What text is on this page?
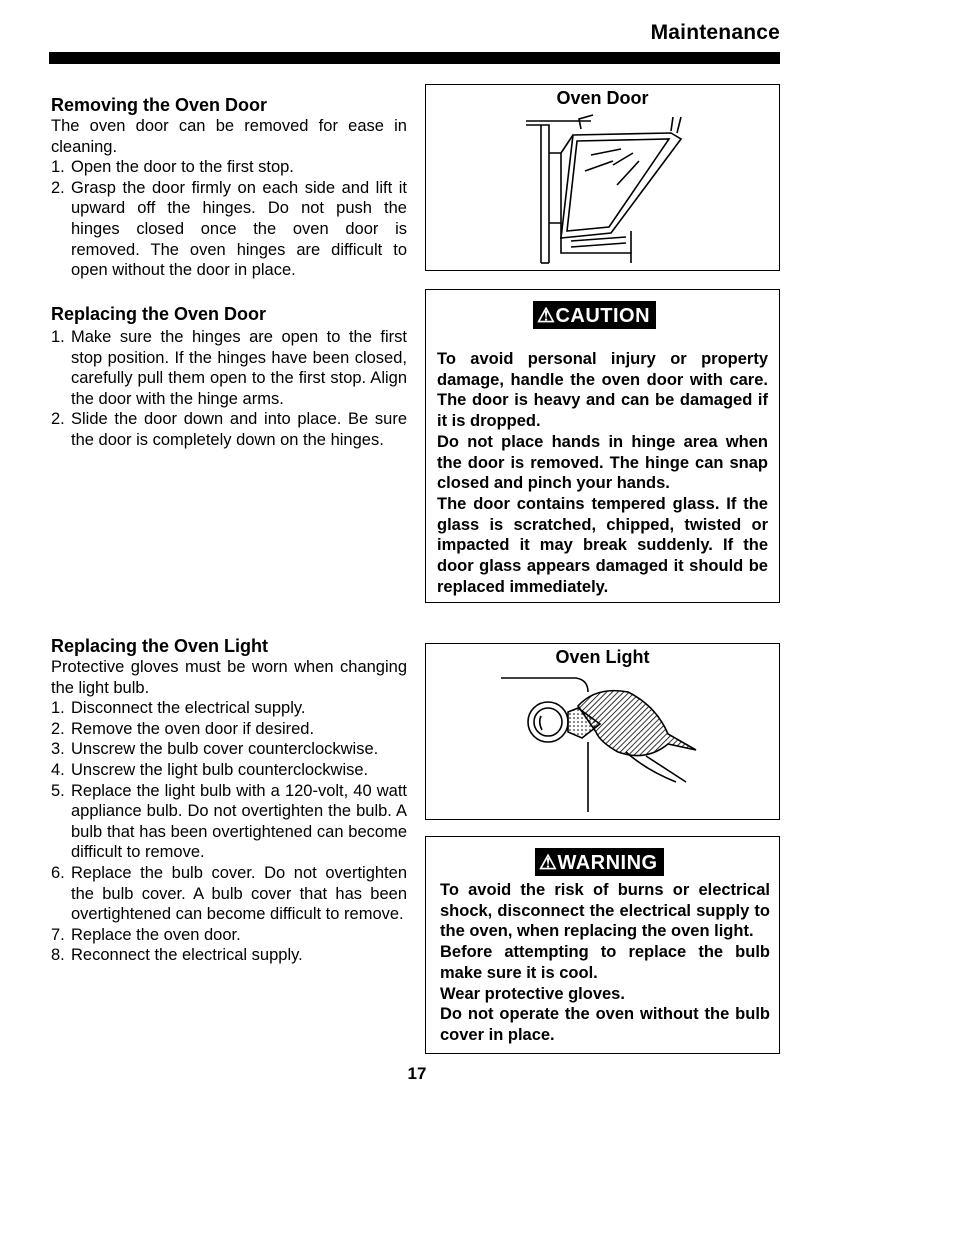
Maintenance
Removing the Oven Door

The oven door can be removed for ease in cleaning.

1. Open the door to the first stop.
2. Grasp the door firmly on each side and lift it upward off the hinges. Do not push the hinges closed once the oven door is removed. The oven hinges are difficult to open without the door in place.
Replacing the Oven Door
1. Make sure the hinges are open to the first stop position. If the hinges have been closed, carefully pull them open to the first stop. Align the door with the hinge arms.
2. Slide the door down and into place. Be sure the door is completely down on the hinges.
Oven Door
⚠CAUTION

To avoid personal injury or property damage, handle the oven door with care. The door is heavy and can be damaged if it is dropped.

Do not place hands in hinge area when the door is removed. The hinge can snap closed and pinch your hands.

The door contains tempered glass. If the glass is scratched, chipped, twisted or impacted it may break suddenly. If the door glass appears damaged it should be replaced immediately.

Replacing the Oven Light

Protective gloves must be worn when changing the light bulb.

1. Disconnect the electrical supply.
2. Remove the oven door if desired.
3. Unscrew the bulb cover counterclockwise.
4. Unscrew the light bulb counterclockwise.
5. Replace the light bulb with a 120-volt, 40 watt appliance bulb. Do not overtighten the bulb. A bulb that has been overtightened can become difficult to remove.
6. Replace the bulb cover. Do not overtighten the bulb cover. A bulb cover that has been overtightened can become difficult to remove.
7. Replace the oven door.
8. Reconnect the electrical supply.
Oven Light
⚠WARNING

To avoid the risk of burns or electrical shock, disconnect the electrical supply to the oven, when replacing the oven light.

Before attempting to replace the bulb make sure it is cool.

Wear protective gloves.

Do not operate the oven without the bulb cover in place.

17
